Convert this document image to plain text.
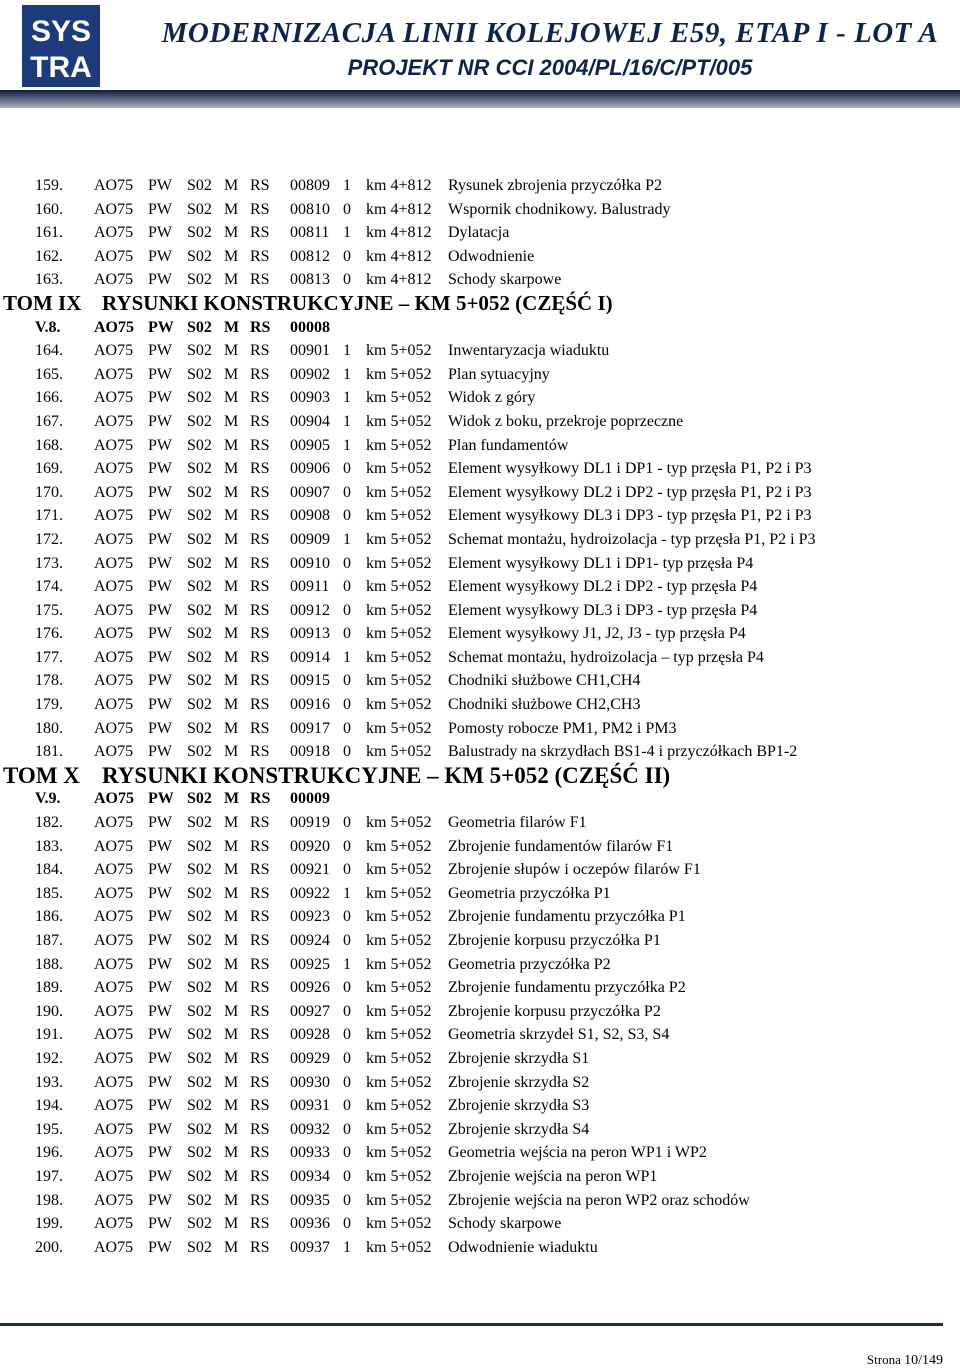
SYS
TRA
MODERNIZACJA LINII KOLEJOWEJ E59, ETAP I - LOT A
PROJEKT NR CCI 2004/PL/16/C/PT/005
159. AO75 PW S02 M RS 00809 1 km 4+812 Rysunek zbrojenia przyczółka P2
160. AO75 PW S02 M RS 00810 0 km 4+812 Wspornik chodnikowy. Balustrady
161. AO75 PW S02 M RS 00811 1 km 4+812 Dylatacja
162. AO75 PW S02 M RS 00812 0 km 4+812 Odwodnienie
163. AO75 PW S02 M RS 00813 0 km 4+812 Schody skarpowe
TOM IX RYSUNKI KONSTRUKCYJNE – KM 5+052 (CZĘŚĆ I)
V.8. AO75 PW S02 M RS 00008
164. AO75 PW S02 M RS 00901 1 km 5+052 Inwentaryzacja wiaduktu
165. AO75 PW S02 M RS 00902 1 km 5+052 Plan sytuacyjny
166. AO75 PW S02 M RS 00903 1 km 5+052 Widok z góry
167. AO75 PW S02 M RS 00904 1 km 5+052 Widok z boku, przekroje poprzeczne
168. AO75 PW S02 M RS 00905 1 km 5+052 Plan fundamentów
169. AO75 PW S02 M RS 00906 0 km 5+052 Element wysyłkowy DL1 i DP1 - typ przęsła P1, P2 i P3
170. AO75 PW S02 M RS 00907 0 km 5+052 Element wysyłkowy DL2 i DP2 - typ przęsła P1, P2 i P3
171. AO75 PW S02 M RS 00908 0 km 5+052 Element wysyłkowy DL3 i DP3 - typ przęsła P1, P2 i P3
172. AO75 PW S02 M RS 00909 1 km 5+052 Schemat montażu, hydroizolacja - typ przęsła P1, P2 i P3
173. AO75 PW S02 M RS 00910 0 km 5+052 Element wysyłkowy DL1 i DP1- typ przęsła P4
174. AO75 PW S02 M RS 00911 0 km 5+052 Element wysyłkowy DL2 i DP2 - typ przęsła P4
175. AO75 PW S02 M RS 00912 0 km 5+052 Element wysyłkowy DL3 i DP3 - typ przęsła P4
176. AO75 PW S02 M RS 00913 0 km 5+052 Element wysyłkowy J1, J2, J3 - typ przęsła P4
177. AO75 PW S02 M RS 00914 1 km 5+052 Schemat montażu, hydroizolacja – typ przęsła P4
178. AO75 PW S02 M RS 00915 0 km 5+052 Chodniki służbowe CH1,CH4
179. AO75 PW S02 M RS 00916 0 km 5+052 Chodniki służbowe CH2,CH3
180. AO75 PW S02 M RS 00917 0 km 5+052 Pomosty robocze PM1, PM2 i PM3
181. AO75 PW S02 M RS 00918 0 km 5+052 Balustrady na skrzydłach BS1-4 i przyczółkach BP1-2
TOM X RYSUNKI KONSTRUKCYJNE – KM 5+052 (CZĘŚĆ II)
V.9. AO75 PW S02 M RS 00009
182. AO75 PW S02 M RS 00919 0 km 5+052 Geometria filarów F1
183. AO75 PW S02 M RS 00920 0 km 5+052 Zbrojenie fundamentów filarów F1
184. AO75 PW S02 M RS 00921 0 km 5+052 Zbrojenie słupów i oczepów filarów F1
185. AO75 PW S02 M RS 00922 1 km 5+052 Geometria przyczółka P1
186. AO75 PW S02 M RS 00923 0 km 5+052 Zbrojenie fundamentu przyczółka P1
187. AO75 PW S02 M RS 00924 0 km 5+052 Zbrojenie korpusu przyczółka P1
188. AO75 PW S02 M RS 00925 1 km 5+052 Geometria przyczółka P2
189. AO75 PW S02 M RS 00926 0 km 5+052 Zbrojenie fundamentu przyczółka P2
190. AO75 PW S02 M RS 00927 0 km 5+052 Zbrojenie korpusu przyczółka P2
191. AO75 PW S02 M RS 00928 0 km 5+052 Geometria skrzydeł S1, S2, S3, S4
192. AO75 PW S02 M RS 00929 0 km 5+052 Zbrojenie skrzydła S1
193. AO75 PW S02 M RS 00930 0 km 5+052 Zbrojenie skrzydła S2
194. AO75 PW S02 M RS 00931 0 km 5+052 Zbrojenie skrzydła S3
195. AO75 PW S02 M RS 00932 0 km 5+052 Zbrojenie skrzydła S4
196. AO75 PW S02 M RS 00933 0 km 5+052 Geometria wejścia na peron WP1 i WP2
197. AO75 PW S02 M RS 00934 0 km 5+052 Zbrojenie wejścia na peron WP1
198. AO75 PW S02 M RS 00935 0 km 5+052 Zbrojenie wejścia na peron WP2 oraz schodów
199. AO75 PW S02 M RS 00936 0 km 5+052 Schody skarpowe
200. AO75 PW S02 M RS 00937 1 km 5+052 Odwodnienie wiaduktu
Strona 10/149
